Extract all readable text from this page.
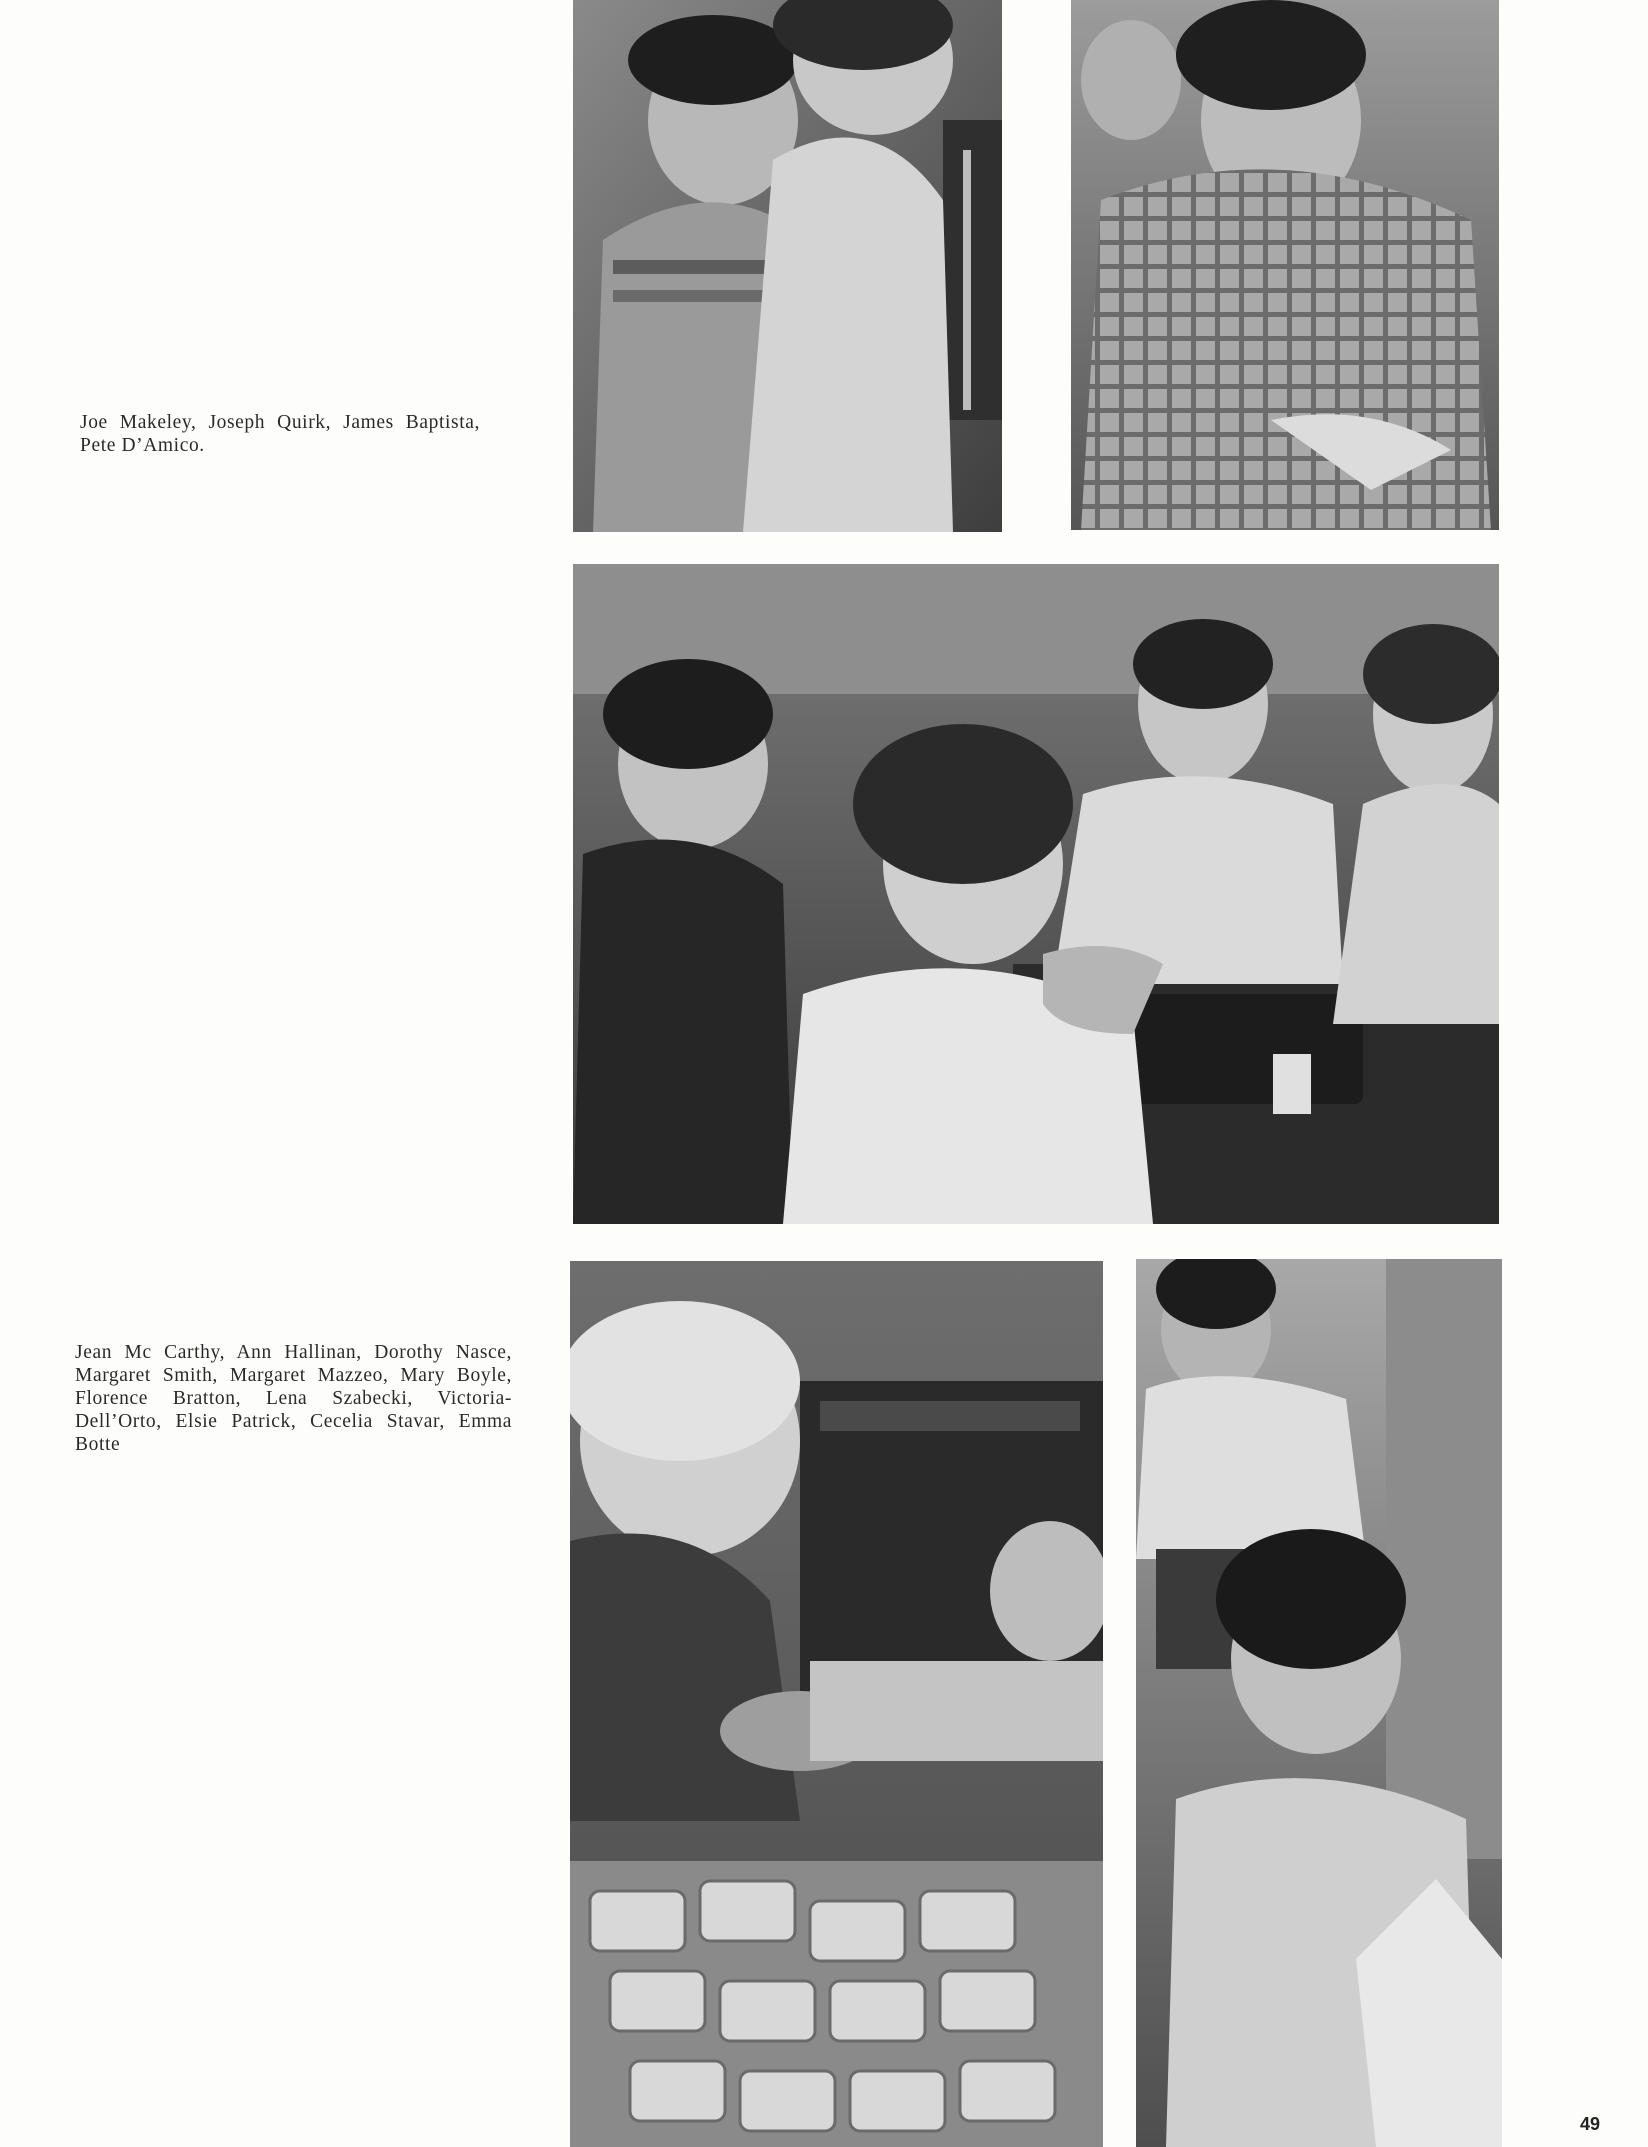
Joe Makeley, Joseph Quirk, James Baptista, Pete D’Amico.

Jean Mc Carthy, Ann Hallinan, Dorothy Nasce, Margaret Smith, Margaret Mazzeo, Mary Boyle, Florence Bratton, Lena Szabecki, Victoria- Dell’Orto, Elsie Patrick, Cecelia Stavar, Emma Botte

49
